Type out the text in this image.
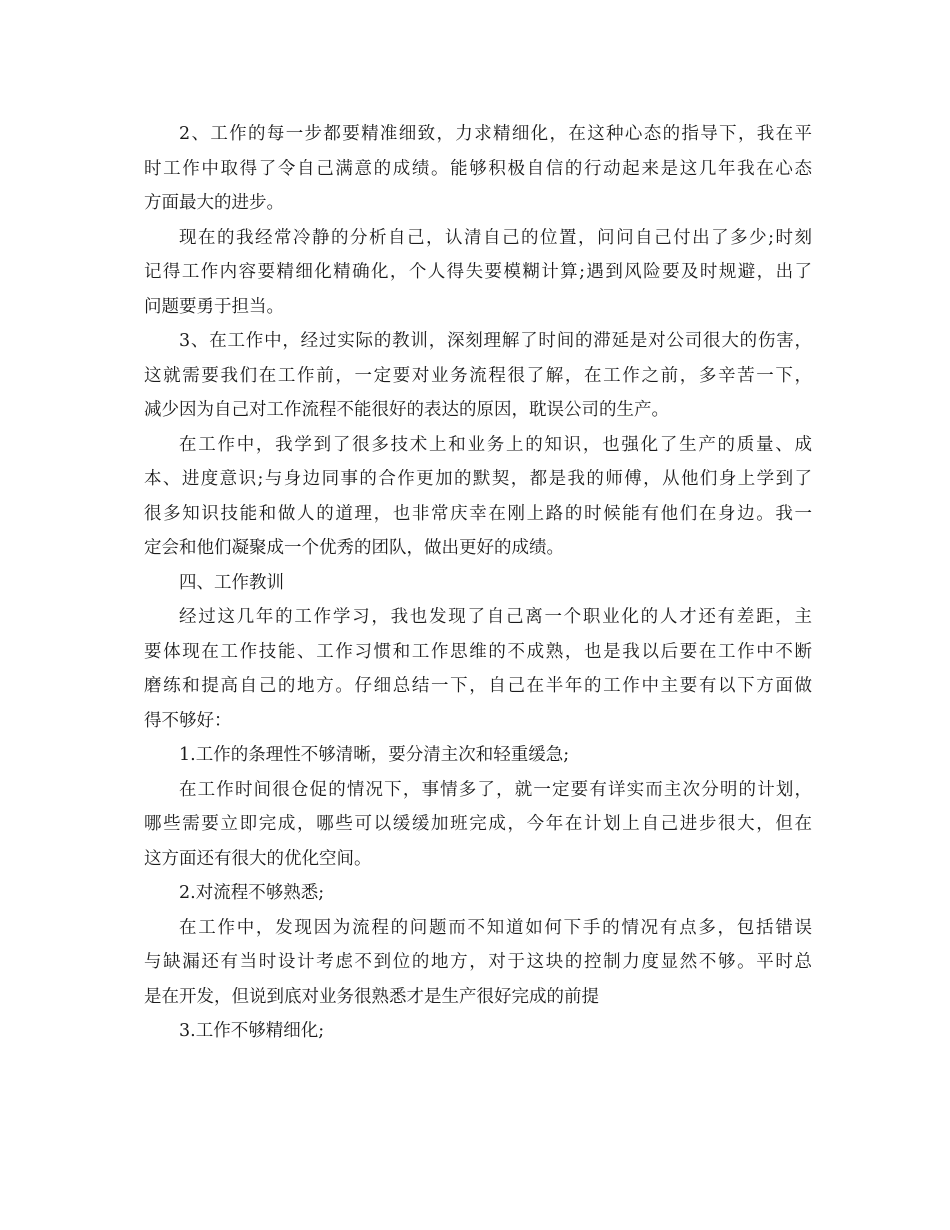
2、工作的每一步都要精准细致，力求精细化，在这种心态的指导下，我在平
时工作中取得了令自己满意的成绩。能够积极自信的行动起来是这几年我在心态
方面最大的进步。
现在的我经常冷静的分析自己，认清自己的位置，问问自己付出了多少;时刻
记得工作内容要精细化精确化，个人得失要模糊计算;遇到风险要及时规避，出了
问题要勇于担当。
3、在工作中，经过实际的教训，深刻理解了时间的滞延是对公司很大的伤害，
这就需要我们在工作前，一定要对业务流程很了解，在工作之前，多辛苦一下，
减少因为自己对工作流程不能很好的表达的原因，耽误公司的生产。
在工作中，我学到了很多技术上和业务上的知识，也强化了生产的质量、成
本、进度意识;与身边同事的合作更加的默契，都是我的师傅，从他们身上学到了
很多知识技能和做人的道理，也非常庆幸在刚上路的时候能有他们在身边。我一
定会和他们凝聚成一个优秀的团队，做出更好的成绩。
四、工作教训
经过这几年的工作学习，我也发现了自己离一个职业化的人才还有差距，主
要体现在工作技能、工作习惯和工作思维的不成熟，也是我以后要在工作中不断
磨练和提高自己的地方。仔细总结一下，自己在半年的工作中主要有以下方面做
得不够好：
1.工作的条理性不够清晰，要分清主次和轻重缓急;
在工作时间很仓促的情况下，事情多了，就一定要有详实而主次分明的计划，
哪些需要立即完成，哪些可以缓缓加班完成，今年在计划上自己进步很大，但在
这方面还有很大的优化空间。
2.对流程不够熟悉;
在工作中，发现因为流程的问题而不知道如何下手的情况有点多，包括错误
与缺漏还有当时设计考虑不到位的地方，对于这块的控制力度显然不够。平时总
是在开发，但说到底对业务很熟悉才是生产很好完成的前提
3.工作不够精细化;
